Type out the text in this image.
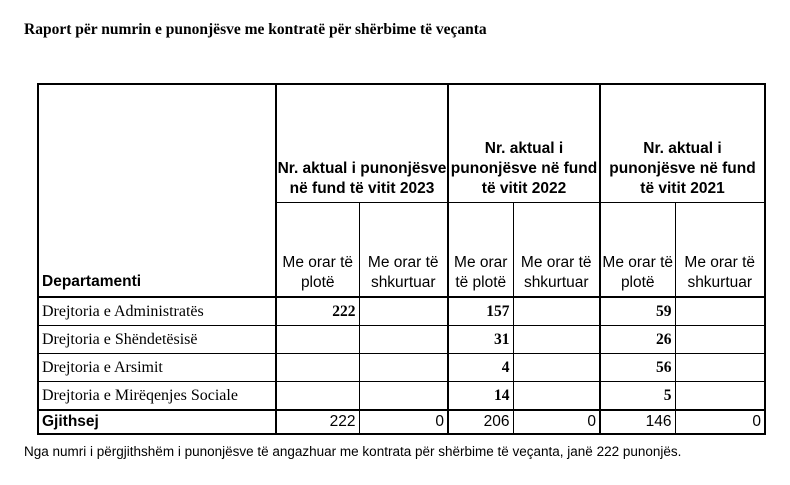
Raport për numrin e punonjësve me kontratë për shërbime të veçanta
Departamenti	Nr. aktual i punonjësve në fund të vitit 2023		Nr. aktual i punonjësve në fund të vitit 2022		Nr. aktual i punonjësve në fund të vitit 2021	
	Me orar të plotë	Me orar të shkurtuar	Me orar të plotë	Me orar të shkurtuar	Me orar të plotë	Me orar të shkurtuar
Drejtoria e Administratës	222		157		59	
Drejtoria e Shëndetësisë			31		26	
Drejtoria e Arsimit			4		56	
Drejtoria e Mirëqenjes Sociale			14		5	
Gjithsej	222	0	206	0	146	0
Nga numri i përgjithshëm i punonjësve të angazhuar me kontrata për shërbime të veçanta, janë 222 punonjës.
